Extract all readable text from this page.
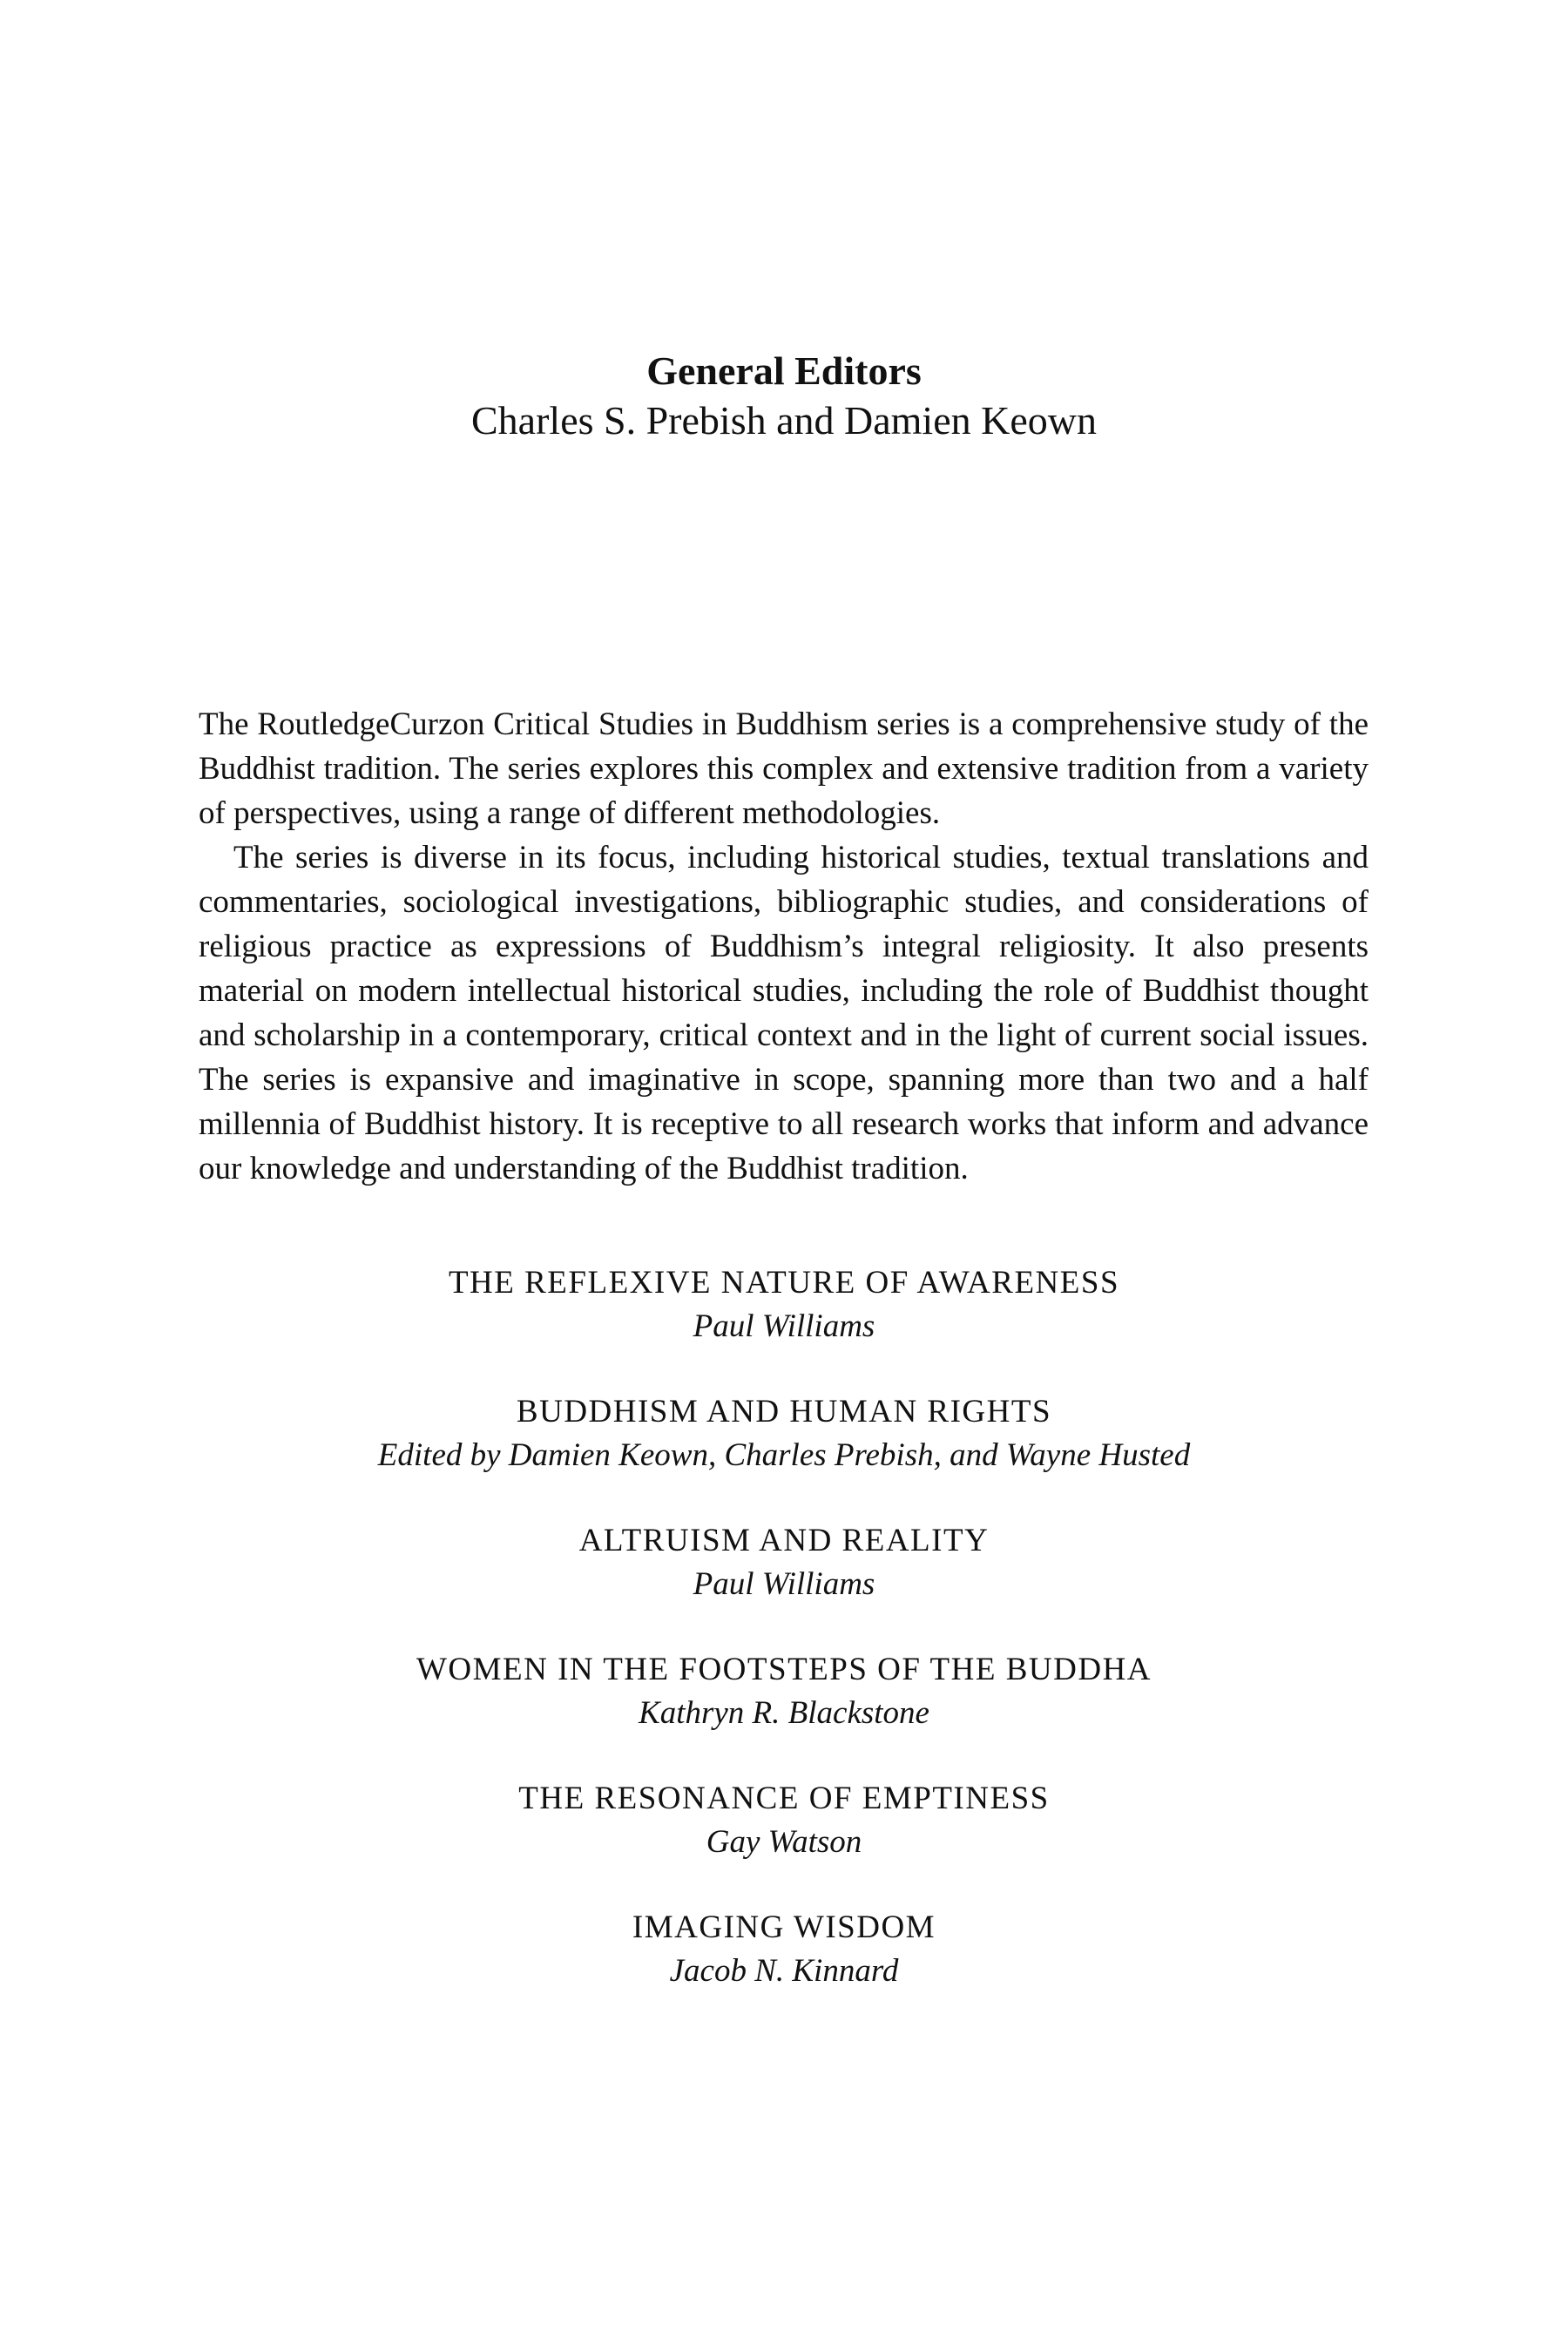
General Editors
Charles S. Prebish and Damien Keown

The RoutledgeCurzon Critical Studies in Buddhism series is a comprehensive study of the Buddhist tradition. The series explores this complex and extensive tradition from a variety of perspectives, using a range of different methodologies.

The series is diverse in its focus, including historical studies, textual translations and commentaries, sociological investigations, bibliographic studies, and considerations of religious practice as expressions of Buddhism’s integral religiosity. It also presents material on modern intellectual historical studies, including the role of Buddhist thought and scholarship in a contemporary, critical context and in the light of current social issues. The series is expansive and imaginative in scope, spanning more than two and a half millennia of Buddhist history. It is receptive to all research works that inform and advance our knowledge and understanding of the Buddhist tradition.

THE REFLEXIVE NATURE OF AWARENESS
Paul Williams
BUDDHISM AND HUMAN RIGHTS
Edited by Damien Keown, Charles Prebish, and Wayne Husted
ALTRUISM AND REALITY
Paul Williams
WOMEN IN THE FOOTSTEPS OF THE BUDDHA
Kathryn R. Blackstone
THE RESONANCE OF EMPTINESS
Gay Watson
IMAGING WISDOM
Jacob N. Kinnard
